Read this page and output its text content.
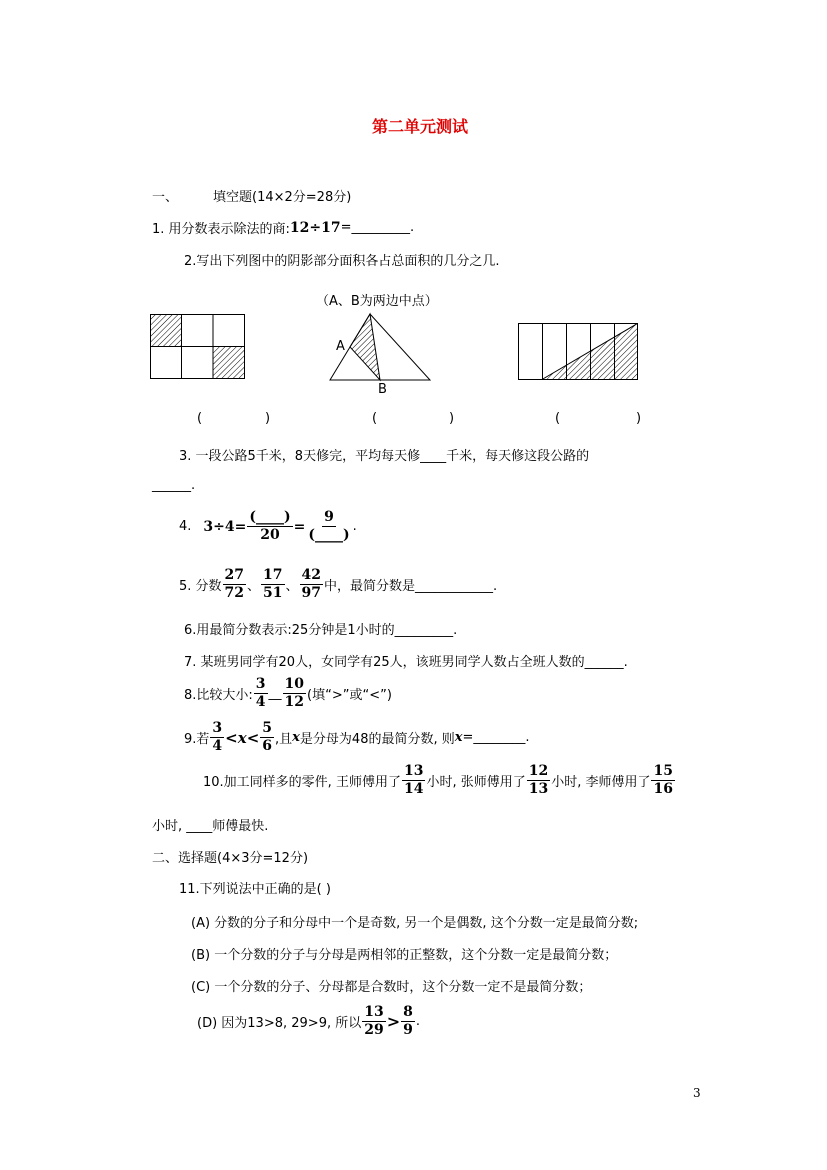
第二单元测试
一、	填空题(14×2分=28分)
1. 用分数表示除法的商: 12÷17 =_________.
2.写出下列图中的阴影部分面积各占总面积的几分之几.
（A、B为两边中点）
A
B
(	)	(	)	(	)
3. 一段公路5千米，8天修完，平均每天修____千米，每天修这段公路的
______.
4. $3\div 4= \frac{(\_\_\_\_)}{20} = \frac{9}{(\_\_\_\_)}$ .
5. 分数 $\frac{27}{72}$ 、 $\frac{17}{51}$ 、 $\frac{42}{97}$ 中，最简分数是____________.
6.用最简分数表示:25分钟是1小时的_________.
7. 某班男同学有20人，女同学有25人，该班男同学人数占全班人数的______.
8.比较大小: $\frac{3}{4}$ __ $\frac{10}{12}$ (填“>”或“<”)
9.若 $\frac{3}{4} < x < \frac{5}{6}$ ,且 x 是分母为48的最简分数, 则 x =________.
10.加工同样多的零件, 王师傅用了 $\frac{13}{14}$ 小时, 张师傅用了 $\frac{12}{13}$ 小时, 李师傅用了 $\frac{15}{16}$
小时, ____师傅最快.
二、选择题(4×3分=12分)
11.下列说法中正确的是( )
(A) 分数的分子和分母中一个是奇数, 另一个是偶数, 这个分数一定是最简分数;
(B) 一个分数的分子与分母是两相邻的正整数，这个分数一定是最简分数；
(C) 一个分数的分子、分母都是合数时，这个分数一定不是最简分数；
(D) 因为13>8, 29>9, 所以 $\frac{13}{29} > \frac{8}{9}$ .
3
